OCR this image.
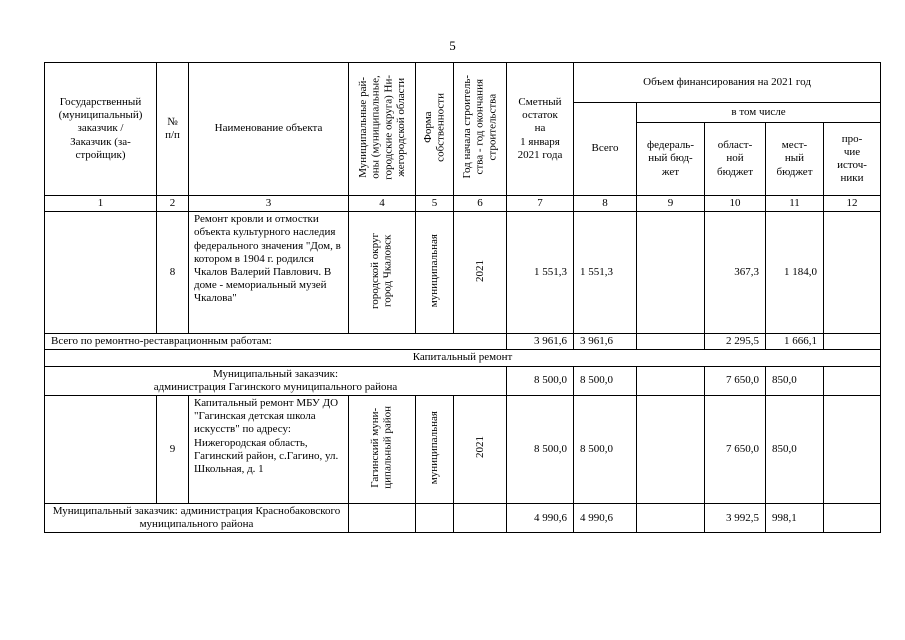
5
Государственный
(муниципальный)
заказчик /
Заказчик (за-
стройщик)	№
п/п	Наименование объекта	Муниципальные рай-
оны (муниципальные,
городские округа) Ни-
жегородской области	Форма
собственности	Год начала строитель-
ства - год окончания
строительства	Сметный
остаток
на
1 января
2021 года	Объем финансирования на 2021 год				
							Всего	в том числе			
								федераль-
ный бюд-
жет	област-
ной
бюджет	мест-
ный
бюджет	про-
чие
источ-
ники
1	2	3	4	5	6	7	8	9	10	11	12
	8	Ремонт кровли и отмостки объекта культурного наследия федерального значения "Дом, в котором в 1904 г. родился Чкалов Валерий Павлович. В доме - мемориальный музей Чкалова"	городской округ
город Чкаловск	муниципальная	2021	1 551,3	1 551,3		367,3	1 184,0	
Всего по ремонтно-реставрационным работам:						3 961,6	3 961,6		2 295,5	1 666,1	
Капитальный ремонт											
Муниципальный заказчик:
администрация Гагинского муниципального района						8 500,0	8 500,0		7 650,0	850,0	
	9	Капитальный ремонт МБУ ДО "Гагинская детская школа искусств" по адресу: Нижегородская область, Гагинский район, с.Гагино, ул. Школьная, д. 1	Гагинский муни-
ципальный район	муниципальная	2021	8 500,0	8 500,0		7 650,0	850,0	
Муниципальный заказчик: администрация Краснобаковского муниципального района						4 990,6	4 990,6		3 992,5	998,1	
